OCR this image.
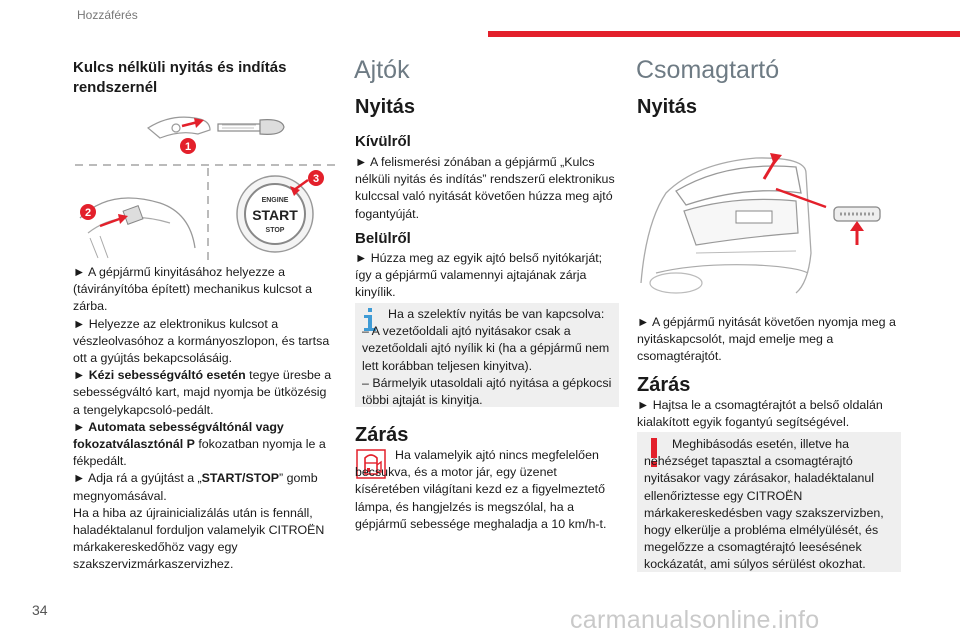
Hozzáférés
34
Kulcs nélküli nyitás és indítás rendszernél
1
2
ENGINE
START
STOP
3

► A gépjármű kinyitásához helyezze a (távirányítóba épített) mechanikus kulcsot a zárba.

► Helyezze az elektronikus kulcsot a vészleolvasóhoz a kormányoszlopon, és tartsa ott a gyújtás bekapcsolásáig.

► Kézi sebességváltó esetén tegye üresbe a sebességváltó kart, majd nyomja be ütközésig a tengelykapcsoló-pedált.

► Automata sebességváltónál vagy fokozatválasztónál P fokozatban nyomja le a fékpedált.

► Adja rá a gyújtást a „START/STOP” gomb megnyomásával.

Ha a hiba az újrainicializálás után is fennáll, haladéktalanul forduljon valamelyik CITROËN márkakereskedőhöz vagy egy szakszervizmárkaszervizhez.

Ajtók
Nyitás
Kívülről
► A felismerési zónában a gépjármű „Kulcs nélküli nyitás és indítás” rendszerű elektronikus kulccsal való nyitását követően húzza meg ajtó fogantyúját.
Belülről
► Húzza meg az egyik ajtó belső nyitókarját; így a gépjármű valamennyi ajtajának zárja kinyílik.

Ha a szelektív nyitás be van kapcsolva:

– A vezetőoldali ajtó nyitásakor csak a vezetőoldali ajtó nyílik ki (ha a gépjármű nem lett korábban teljesen kinyitva).

– Bármelyik utasoldali ajtó nyitása a gépkocsi többi ajtaját is kinyitja.

Zárás

Ha valamelyik ajtó nincs megfelelően becsukva, és a motor jár, egy üzenet kíséretében világítani kezd ez a figyelmeztető lámpa, és hangjelzés is megszólal, ha a gépjármű sebessége meghaladja a 10 km/h-t.

Csomagtartó
Nyitás
► A gépjármű nyitását követően nyomja meg a nyitáskapcsolót, majd emelje meg a csomagtérajtót.
Zárás
► Hajtsa le a csomagtérajtót a belső oldalán kialakított egyik fogantyú segítségével.

Meghibásodás esetén, illetve ha nehézséget tapasztal a csomagtérajtó nyitásakor vagy zárásakor, haladéktalanul ellenőriztesse egy CITROËN márkakereskedésben vagy szakszervizben, hogy elkerülje a probléma elmélyülését, és megelőzze a csomagtérajtó leesésének kockázatát, ami súlyos sérülést okozhat.

carmanualsonline.info
